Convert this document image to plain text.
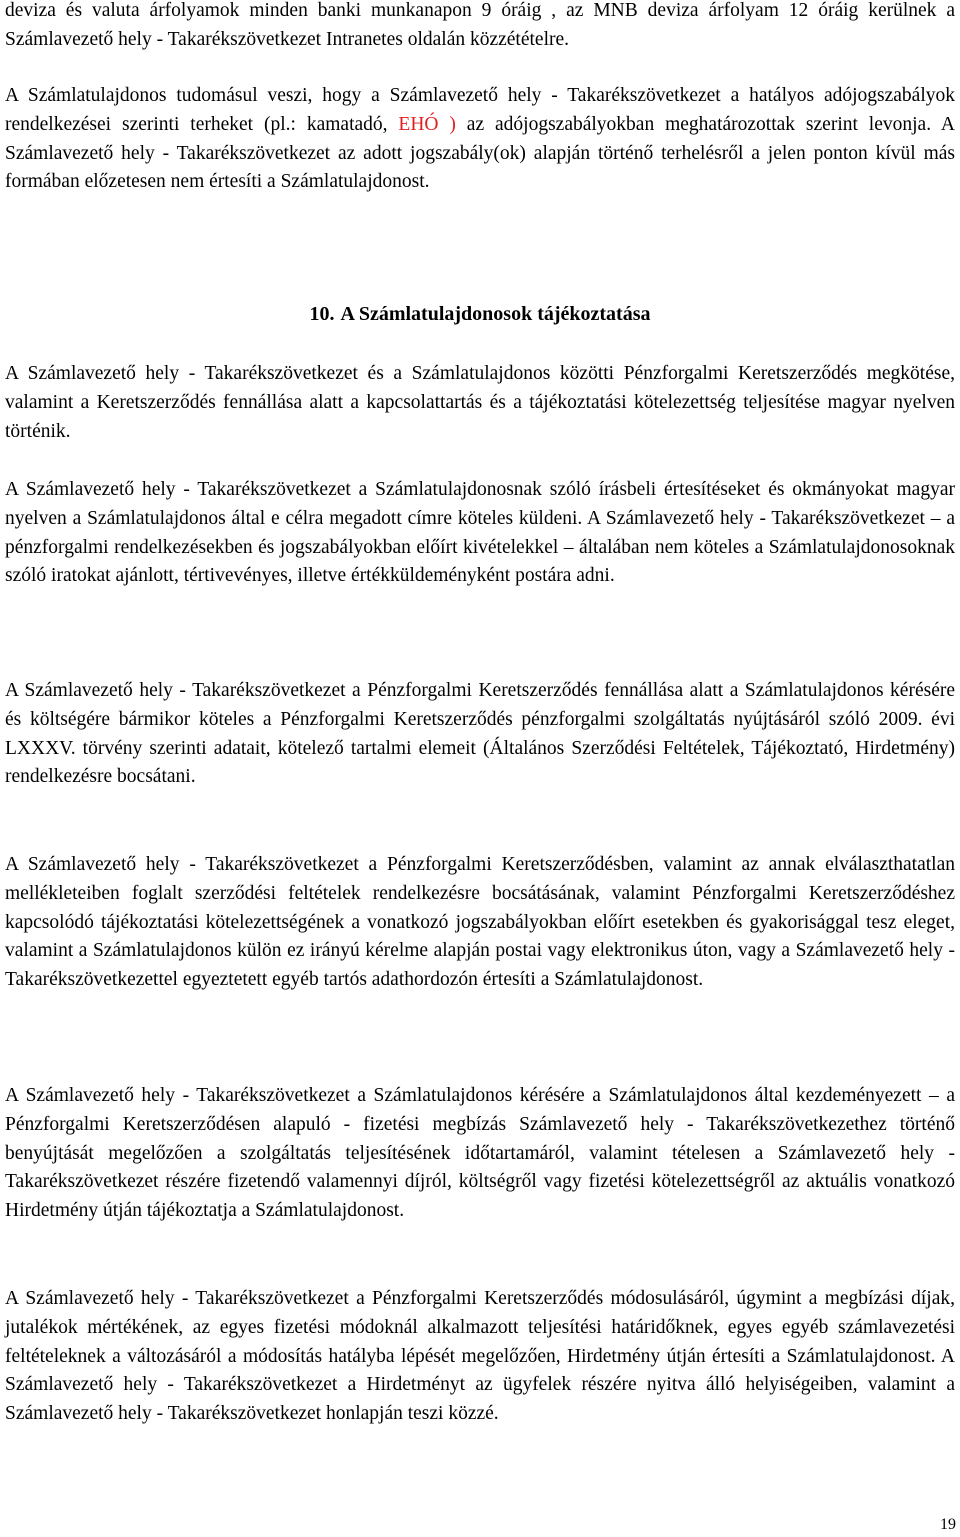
deviza és valuta árfolyamok minden banki munkanapon 9 óráig , az MNB deviza árfolyam 12 óráig kerülnek a Számlavezető hely - Takarékszövetkezet Intranetes oldalán közzétételre.

A Számlatulajdonos tudomásul veszi, hogy a Számlavezető hely - Takarékszövetkezet a hatályos adójogszabályok rendelkezései szerinti terheket (pl.: kamatadó, EHÓ ) az adójogszabályokban meghatározottak szerint levonja. A Számlavezető hely - Takarékszövetkezet az adott jogszabály(ok) alapján történő terhelésről a jelen ponton kívül más formában előzetesen nem értesíti a Számlatulajdonost.

10. A Számlatulajdonosok tájékoztatása

A Számlavezető hely - Takarékszövetkezet és a Számlatulajdonos közötti Pénzforgalmi Keretszerződés megkötése, valamint a Keretszerződés fennállása alatt a kapcsolattartás és a tájékoztatási kötelezettség teljesítése magyar nyelven történik.

A Számlavezető hely - Takarékszövetkezet a Számlatulajdonosnak szóló írásbeli értesítéseket és okmányokat magyar nyelven a Számlatulajdonos által e célra megadott címre köteles küldeni. A Számlavezető hely - Takarékszövetkezet – a pénzforgalmi rendelkezésekben és jogszabályokban előírt kivételekkel – általában nem köteles a Számlatulajdonosoknak szóló iratokat ajánlott, tértivevényes, illetve értékküldeményként postára adni.

A Számlavezető hely - Takarékszövetkezet a Pénzforgalmi Keretszerződés fennállása alatt a Számlatulajdonos kérésére és költségére bármikor köteles a Pénzforgalmi Keretszerződés pénzforgalmi szolgáltatás nyújtásáról szóló 2009. évi LXXXV. törvény szerinti adatait, kötelező tartalmi elemeit (Általános Szerződési Feltételek, Tájékoztató, Hirdetmény) rendelkezésre bocsátani.

A Számlavezető hely - Takarékszövetkezet a Pénzforgalmi Keretszerződésben, valamint az annak elválaszthatatlan mellékleteiben foglalt szerződési feltételek rendelkezésre bocsátásának, valamint Pénzforgalmi Keretszerződéshez kapcsolódó tájékoztatási kötelezettségének a vonatkozó jogszabályokban előírt esetekben és gyakorisággal tesz eleget, valamint a Számlatulajdonos külön ez irányú kérelme alapján postai vagy elektronikus úton, vagy a Számlavezető hely - Takarékszövetkezettel egyeztetett egyéb tartós adathordozón értesíti a Számlatulajdonost.

A Számlavezető hely - Takarékszövetkezet a Számlatulajdonos kérésére a Számlatulajdonos által kezdeményezett – a Pénzforgalmi Keretszerződésen alapuló - fizetési megbízás Számlavezető hely - Takarékszövetkezethez történő benyújtását megelőzően a szolgáltatás teljesítésének időtartamáról, valamint tételesen a Számlavezető hely - Takarékszövetkezet részére fizetendő valamennyi díjról, költségről vagy fizetési kötelezettségről az aktuális vonatkozó Hirdetmény útján tájékoztatja a Számlatulajdonost.

A Számlavezető hely - Takarékszövetkezet a Pénzforgalmi Keretszerződés módosulásáról, úgymint a megbízási díjak, jutalékok mértékének, az egyes fizetési módoknál alkalmazott teljesítési határidőknek, egyes egyéb számlavezetési feltételeknek a változásáról a módosítás hatályba lépését megelőzően, Hirdetmény útján értesíti a Számlatulajdonost. A Számlavezető hely - Takarékszövetkezet a Hirdetményt az ügyfelek részére nyitva álló helyiségeiben, valamint a Számlavezető hely - Takarékszövetkezet honlapján teszi közzé.

19
